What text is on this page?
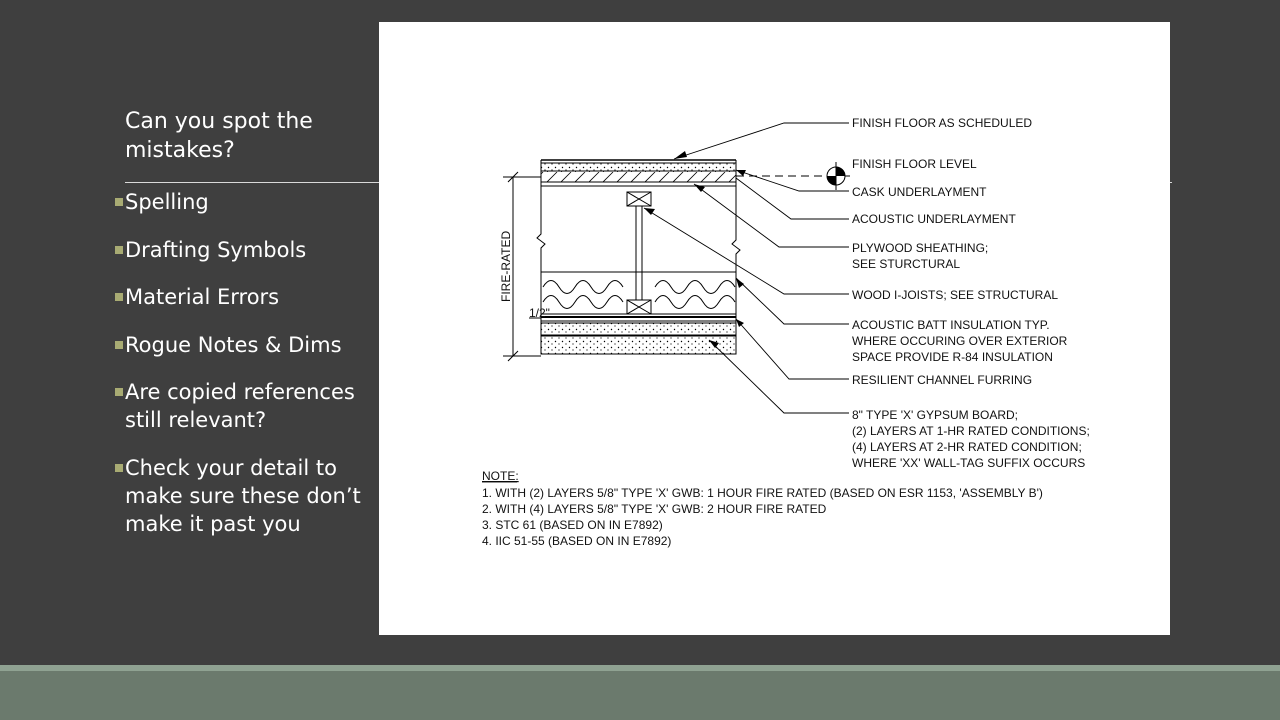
Can you spot the mistakes?
Spelling
Drafting Symbols
Material Errors
Rogue Notes & Dims
Are copied references still relevant?
Check your detail to make sure these don’t make it past you
FIRE-RATED
1/2"
FINISH FLOOR AS SCHEDULED
FINISH FLOOR LEVEL
CASK UNDERLAYMENT
ACOUSTIC UNDERLAYMENT
PLYWOOD SHEATHING; SEE STURCTURAL
WOOD I-JOISTS; SEE STRUCTURAL
ACOUSTIC BATT INSULATION TYP. WHERE OCCURING OVER EXTERIOR SPACE PROVIDE R-84 INSULATION
RESILIENT CHANNEL FURRING
8" TYPE 'X' GYPSUM BOARD; (2) LAYERS AT 1-HR RATED CONDITIONS; (4) LAYERS AT 2-HR RATED CONDITION; WHERE 'XX' WALL-TAG SUFFIX OCCURS
NOTE:
1. WITH (2) LAYERS 5/8" TYPE 'X' GWB: 1 HOUR FIRE RATED (BASED ON ESR 1153, 'ASSEMBLY B')
2. WITH (4) LAYERS 5/8" TYPE 'X' GWB: 2 HOUR FIRE RATED
3. STC 61 (BASED ON IN E7892)
4. IIC 51-55 (BASED ON IN E7892)
